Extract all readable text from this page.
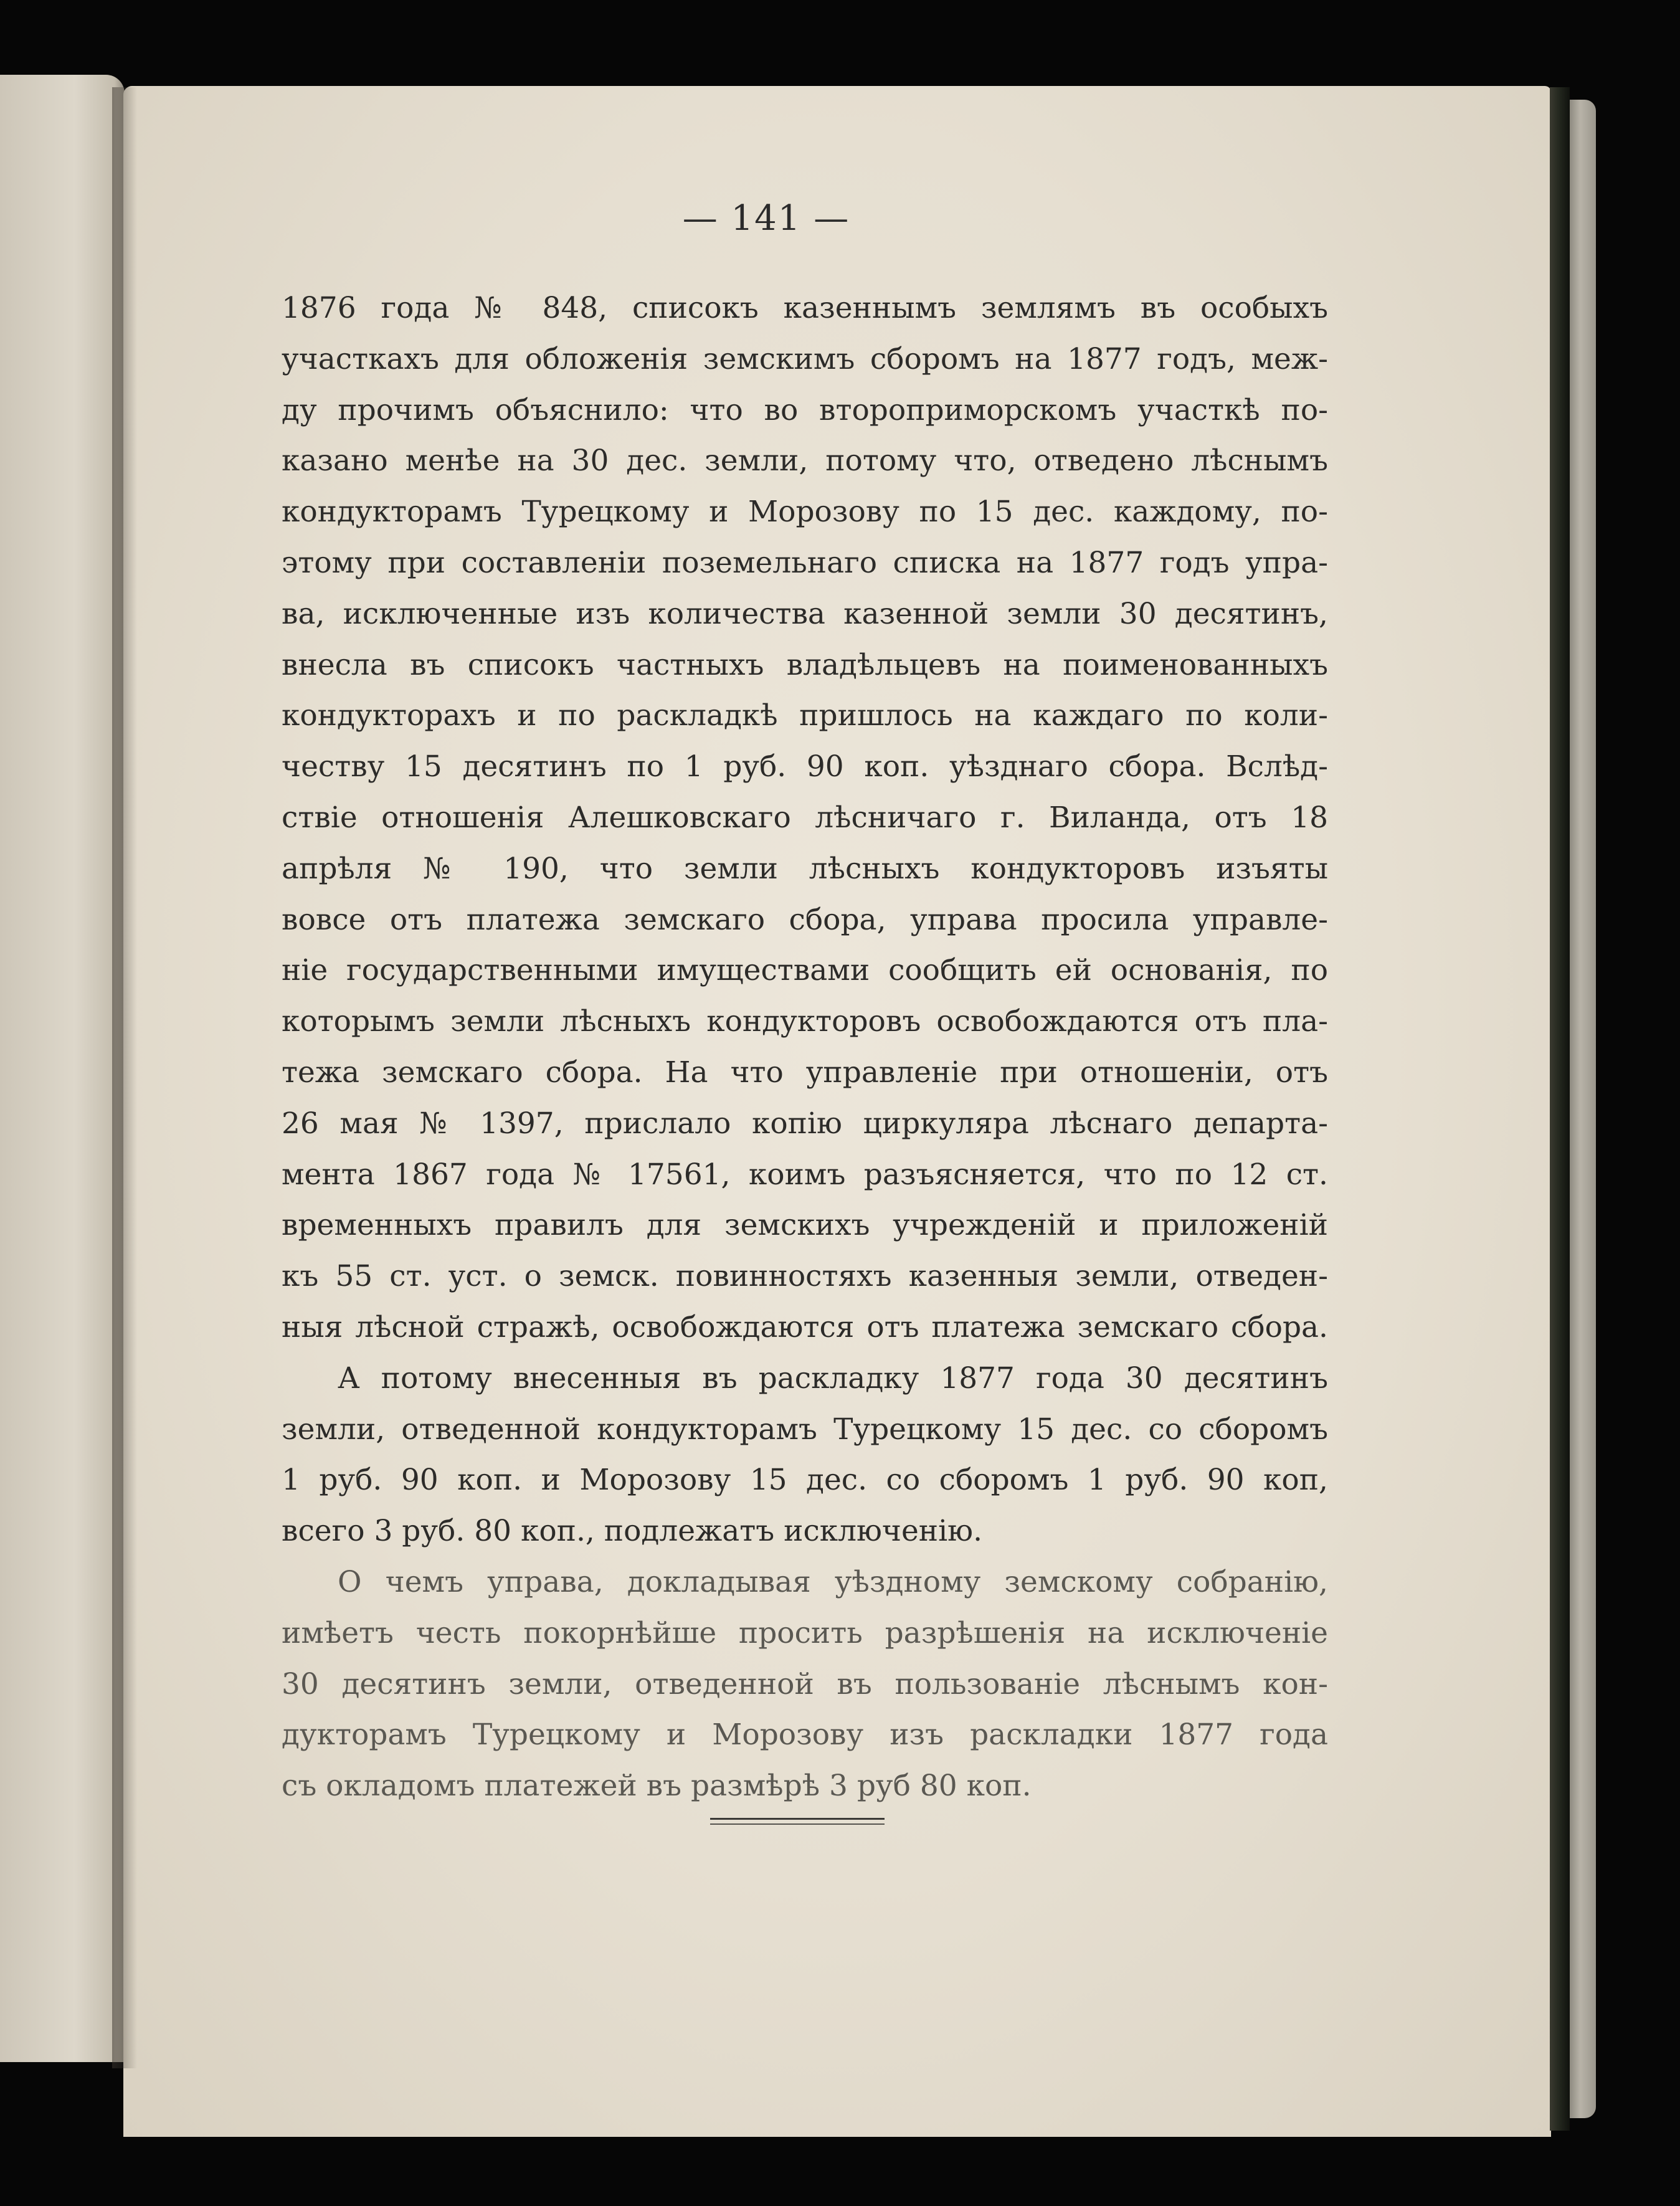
— 141 —
1876 года № 848, списокъ казеннымъ землямъ въ особыхъ
участкахъ для обложенія земскимъ сборомъ на 1877 годъ, меж-
ду прочимъ объяснило: что во второприморскомъ участкѣ по-
казано менѣе на 30 дес. земли, потому что, отведено лѣснымъ
кондукторамъ Турецкому и Морозову по 15 дес. каждому, по-
этому при составленіи поземельнаго списка на 1877 годъ упра-
ва, исключенные изъ количества казенной земли 30 десятинъ,
внесла въ списокъ частныхъ владѣльцевъ на поименованныхъ
кондукторахъ и по раскладкѣ пришлось на каждаго по коли-
честву 15 десятинъ по 1 руб. 90 коп. уѣзднаго сбора. Вслѣд-
ствіе отношенія Алешковскаго лѣсничаго г. Виланда, отъ 18
апрѣля № 190, что земли лѣсныхъ кондукторовъ изъяты
вовсе отъ платежа земскаго сбора, управа просила управле-
ніе государственными имуществами сообщить ей основанія, по
которымъ земли лѣсныхъ кондукторовъ освобождаются отъ пла-
тежа земскаго сбора. На что управленіе при отношеніи, отъ
26 мая № 1397, прислало копію циркуляра лѣснаго департа-
мента 1867 года № 17561, коимъ разъясняется, что по 12 ст.
временныхъ правилъ для земскихъ учрежденій и приложеній
къ 55 ст. уст. о земск. повинностяхъ казенныя земли, отведен-
ныя лѣсной стражѣ, освобождаются отъ платежа земскаго сбора.
А потому внесенныя въ раскладку 1877 года 30 десятинъ
земли, отведенной кондукторамъ Турецкому 15 дес. со сборомъ
1 руб. 90 коп. и Морозову 15 дес. со сборомъ 1 руб. 90 коп,
всего 3 руб. 80 коп., подлежатъ исключенію.
О чемъ управа, докладывая уѣздному земскому собранію,
имѣетъ честь покорнѣйше просить разрѣшенія на исключеніе
30 десятинъ земли, отведенной въ пользованіе лѣснымъ кон-
дукторамъ Турецкому и Морозову изъ раскладки 1877 года
съ окладомъ платежей въ размѣрѣ 3 руб 80 коп.
